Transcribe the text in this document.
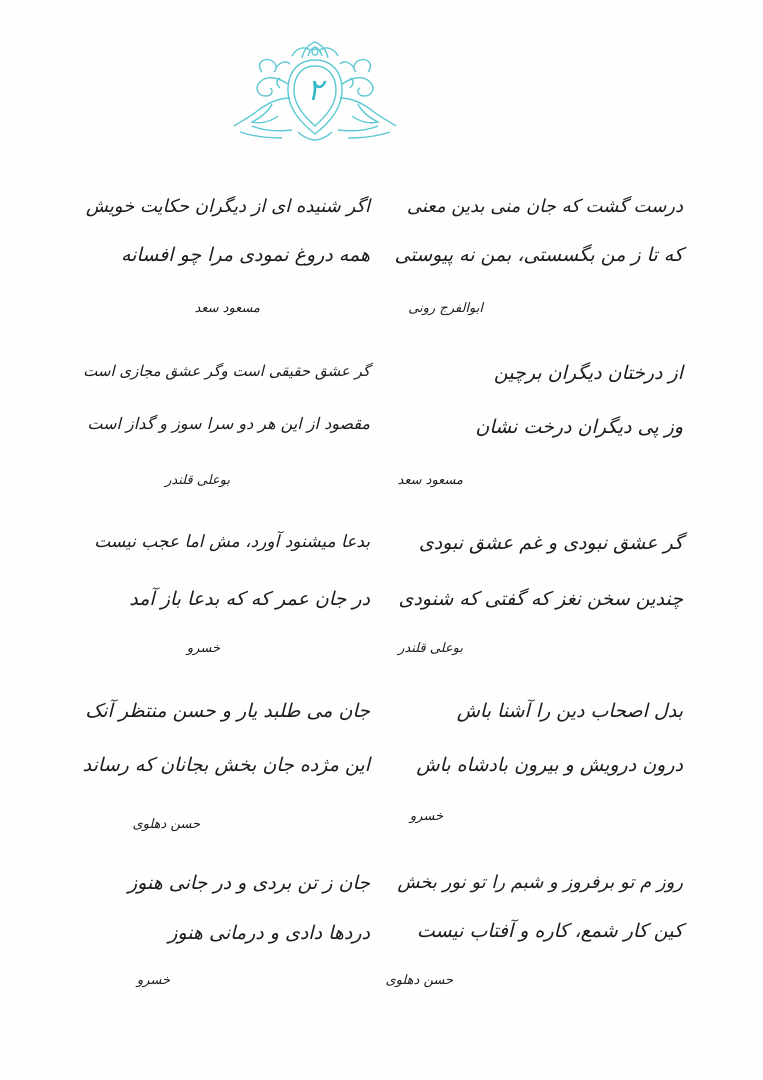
۲
درست گشت که جان منی بدین معنی
که تا ز من بگسستی، بمن نه پیوستی
ابوالفرج رونی
اگر شنیده ای از دیگران حکایت خویش
همه دروغ نمودی مرا چو افسانه
مسعود سعد
از درختان دیگران برچین
وز پی دیگران درخت نشان
مسعود سعد
گر عشق حقیقی است وگر عشق مجازی است
مقصود از این هر دو سرا سوز و گداز است
بوعلی قلندر
گر عشق نبودی و غم عشق نبودی
چندین سخن نغز که گفتی که شنودی
بوعلی قلندر
بدعا میشنود آورد، مش اما عجب نیست
در جان عمر که که بدعا باز آمد
خسرو
بدل اصحاب دین را آشنا باش
درون درویش و بیرون بادشاه باش
خسرو
جان می طلبد یار و حسن منتظر آنک
این مژده جان بخش بجانان که رساند
حسن دهلوی
روز م تو برفروز و شبم را تو نور بخش
کین کار شمع، کاره و آفتاب نیست
حسن دهلوی
جان ز تن بردی و در جانی هنوز
دردها دادی و درمانی هنوز
خسرو
